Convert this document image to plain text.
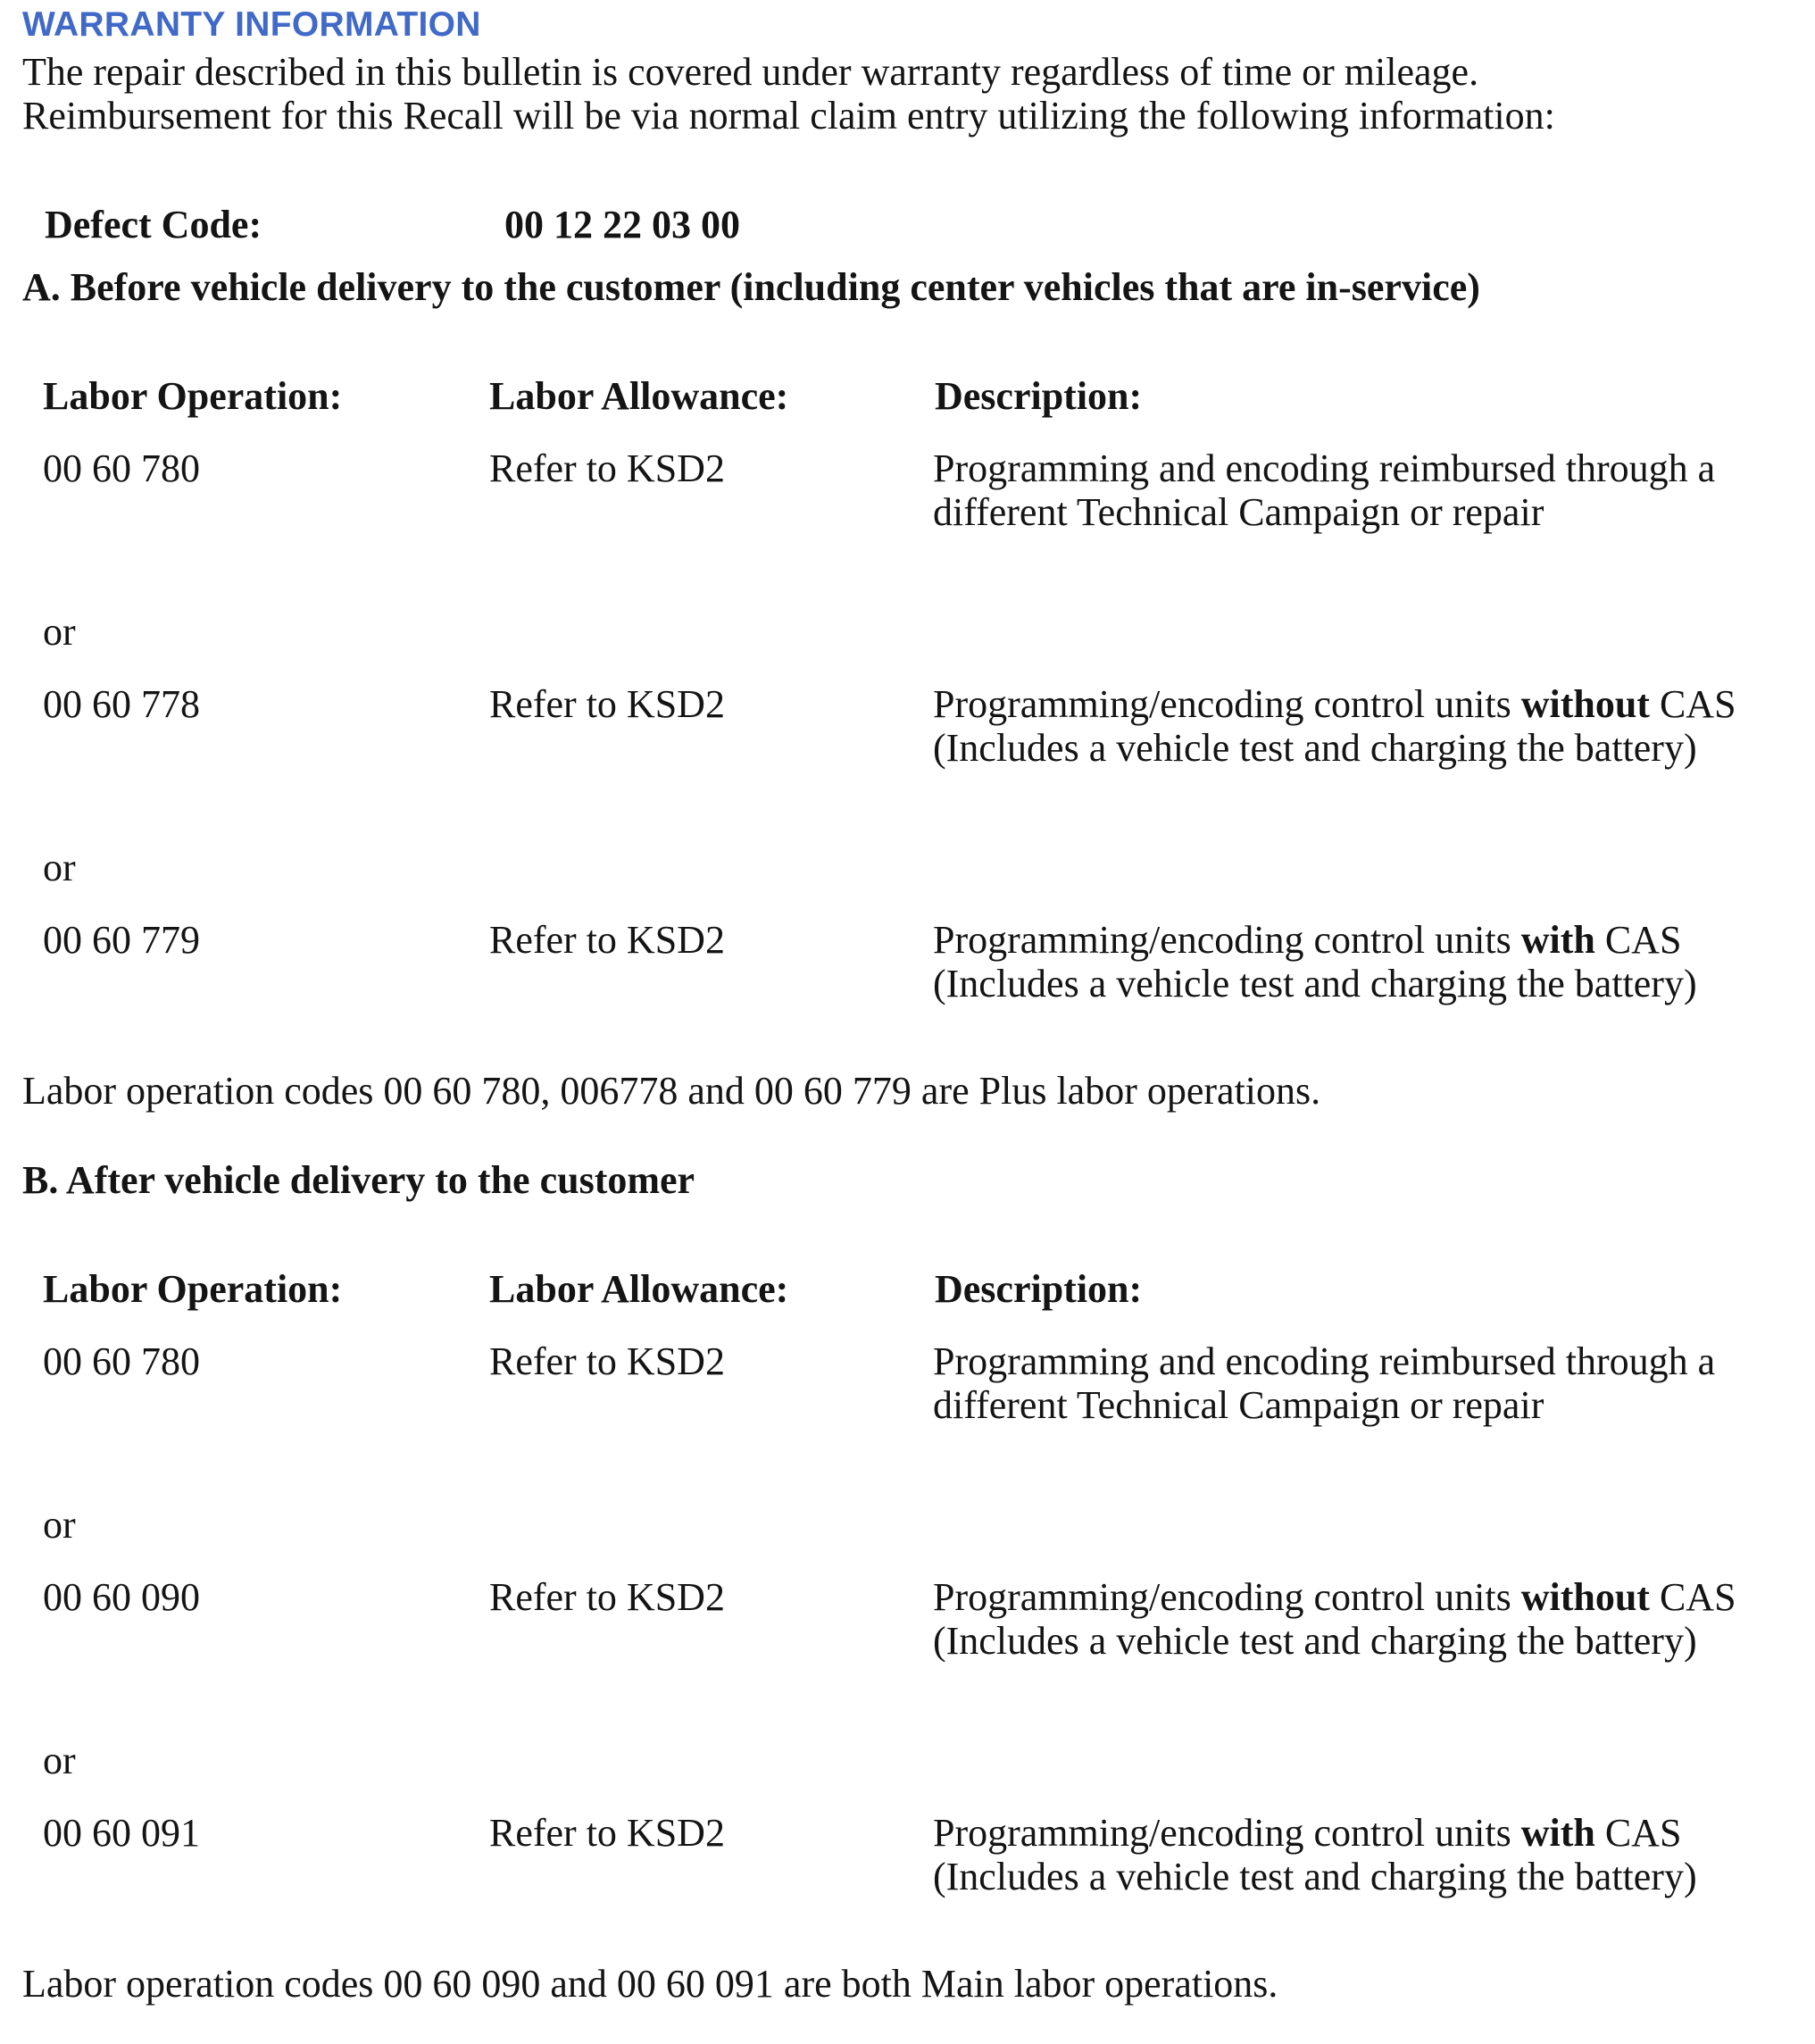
WARRANTY INFORMATION
The repair described in this bulletin is covered under warranty regardless of time or mileage.
Reimbursement for this Recall will be via normal claim entry utilizing the following information:
Defect Code:	00 12 22 03 00
A. Before vehicle delivery to the customer (including center vehicles that are in-service)
Labor Operation:	Labor Allowance:	Description:
00 60 780	Refer to KSD2	Programming and encoding reimbursed through a different Technical Campaign or repair
or
00 60 778	Refer to KSD2	Programming/encoding control units without CAS (Includes a vehicle test and charging the battery)
or
00 60 779	Refer to KSD2	Programming/encoding control units with CAS (Includes a vehicle test and charging the battery)
Labor operation codes 00 60 780, 006778 and 00 60 779 are Plus labor operations.
B. After vehicle delivery to the customer
Labor Operation:	Labor Allowance:	Description:
00 60 780	Refer to KSD2	Programming and encoding reimbursed through a different Technical Campaign or repair
or
00 60 090	Refer to KSD2	Programming/encoding control units without CAS (Includes a vehicle test and charging the battery)
or
00 60 091	Refer to KSD2	Programming/encoding control units with CAS (Includes a vehicle test and charging the battery)
Labor operation codes 00 60 090 and 00 60 091 are both Main labor operations.
